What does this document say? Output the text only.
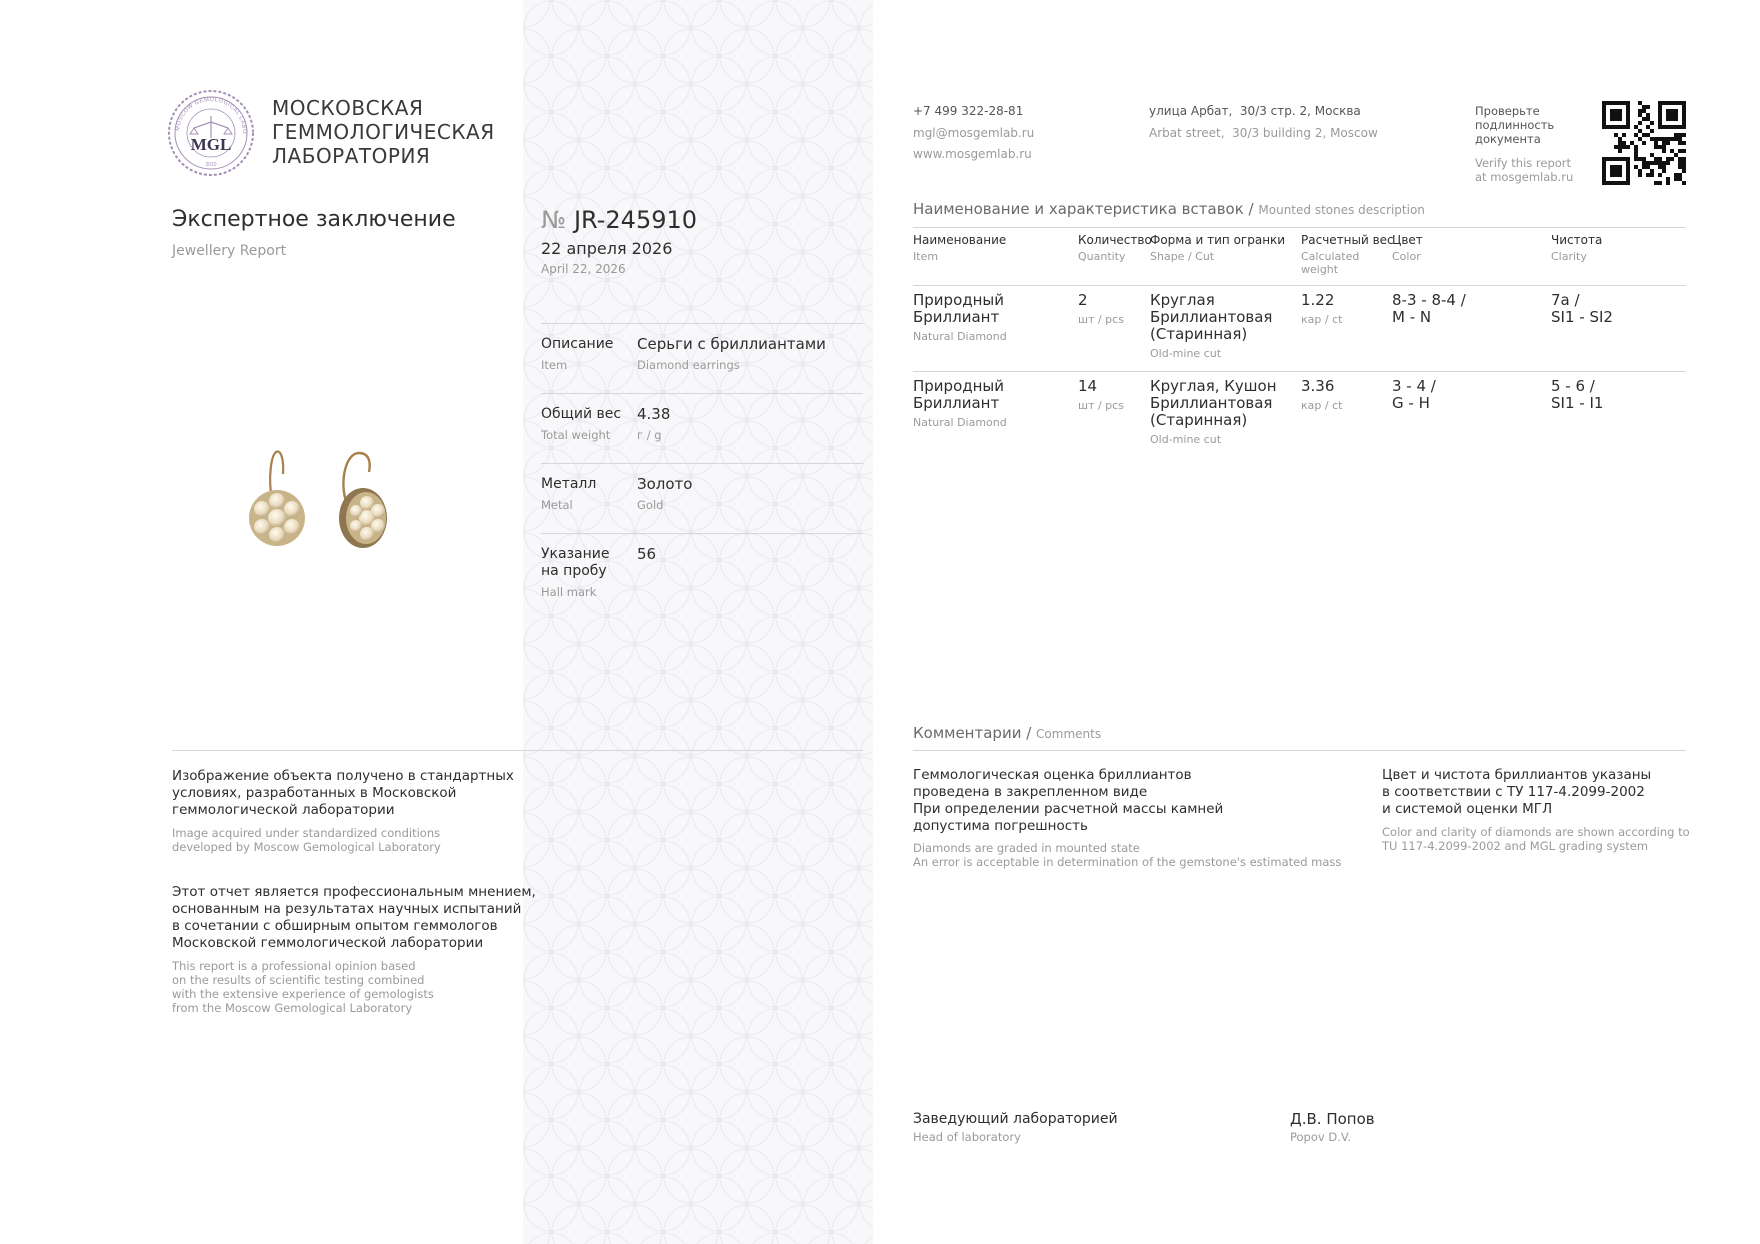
MGL
2010
MOSCOW GEMOLOGICAL LABO
МОСКОВСКАЯ
ГЕММОЛОГИЧЕСКАЯ
ЛАБОРАТОРИЯ
Экспертное заключение
Jewellery Report
№ JR-245910
22 апреля 2026
April 22, 2026
Описание
Item
Серьги с бриллиантами
Diamond earrings
Общий вес
Total weight
4.38
г / g
Металл
Metal
Золото
Gold
Указание
на пробу
Hall mark
56
+7 499 322-28-81
mgl@mosgemlab.ru
www.mosgemlab.ru
улица Арбат,  30/3 стр. 2, Москва
Arbat street,  30/3 building 2, Moscow
Проверьте
подлинность
документа
Verify this report
at mosgemlab.ru
Наименование и характеристика вставок / Mounted stones description
Наименование
Item
Количество
Quantity
Форма и тип огранки
Shape / Cut
Расчетный вес
Calculated
weight
Цвет
Color
Чистота
Clarity
Природный
Бриллиант
Natural Diamond
2
шт / pcs
Круглая
Бриллиантовая
(Старинная)
Old-mine cut
1.22
кар / ct
8-3 - 8-4 /
M - N
7а /
SI1 - SI2
Природный
Бриллиант
Natural Diamond
14
шт / pcs
Круглая, Кушон
Бриллиантовая
(Старинная)
Old-mine cut
3.36
кар / ct
3 - 4 /
G - H
5 - 6 /
SI1 - I1
Комментарии / Comments
Геммологическая оценка бриллиантов
проведена в закрепленном виде
При определении расчетной массы камней
допустима погрешность
Diamonds are graded in mounted state
An error is acceptable in determination of the gemstone's estimated mass
Цвет и чистота бриллиантов указаны
в соответствии с ТУ 117-4.2099-2002
и системой оценки МГЛ
Color and clarity of diamonds are shown according to
TU 117-4.2099-2002 and MGL grading system
Изображение объекта получено в стандартных
условиях, разработанных в Московской
геммологической лаборатории
Image acquired under standardized conditions
developed by Moscow Gemological Laboratory
Этот отчет является профессиональным мнением,
основанным на результатах научных испытаний
в сочетании с обширным опытом геммологов
Московской геммологической лаборатории
This report is a professional opinion based
on the results of scientific testing combined
with the extensive experience of gemologists
from the Moscow Gemological Laboratory
Заведующий лабораторией
Head of laboratory
Д.В. Попов
Popov D.V.
